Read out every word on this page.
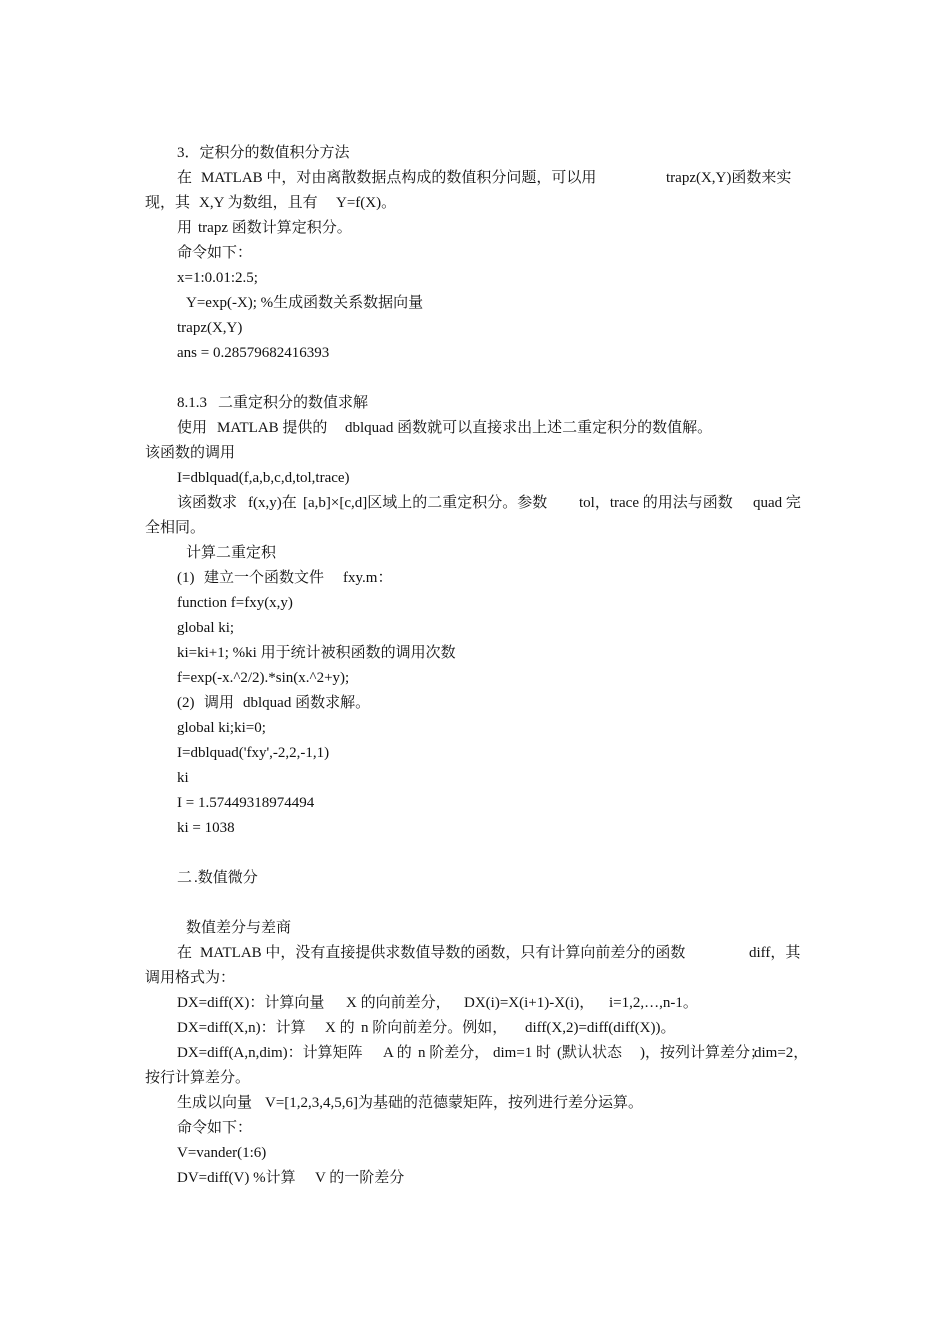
3．定积分的数值积分方法
在 MATLAB 中，对由离散数据点构成的数值积分问题，可以用	trapz(X,Y)函数来实
现，其 X,Y 为数组，且有 Y=f(X)。
用 trapz 函数计算定积分。
命令如下：
x=1:0.01:2.5;
Y=exp(-X); %生成函数关系数据向量
trapz(X,Y)
ans = 0.28579682416393
8.1.3 二重定积分的数值求解
使用 MATLAB 提供的 dblquad 函数就可以直接求出上述二重定积分的数值解。
该函数的调用
I=dblquad(f,a,b,c,d,tol,trace)
该函数求 f(x,y)在 [a,b]×[c,d]区域上的二重定积分。参数 tol，trace 的用法与函数 quad 完
全相同。
计算二重定积
(1) 建立一个函数文件 fxy.m：
function f=fxy(x,y)
global ki;
ki=ki+1; %ki 用于统计被积函数的调用次数
f=exp(-x.^2/2).*sin(x.^2+y);
(2) 调用 dblquad 函数求解。
global ki;ki=0;
I=dblquad('fxy',-2,2,-1,1)
ki
I = 1.57449318974494
ki = 1038
二 .数值微分
数值差分与差商
在 MATLAB 中，没有直接提供求数值导数的函数，只有计算向前差分的函数	diff，其
调用格式为：
DX=diff(X)：计算向量 X 的向前差分， DX(i)=X(i+1)-X(i)， i=1,2,…,n-1。
DX=diff(X,n)：计算 X 的 n 阶向前差分。例如， diff(X,2)=diff(diff(X))。
DX=diff(A,n,dim)：计算矩阵 A 的 n 阶差分， dim=1 时 (默认状态 )，按列计算差分；
dim=2，
按行计算差分。
生成以向量 V=[1,2,3,4,5,6]为基础的范德蒙矩阵，按列进行差分运算。
命令如下：
V=vander(1:6)
DV=diff(V) %计算 V 的一阶差分
